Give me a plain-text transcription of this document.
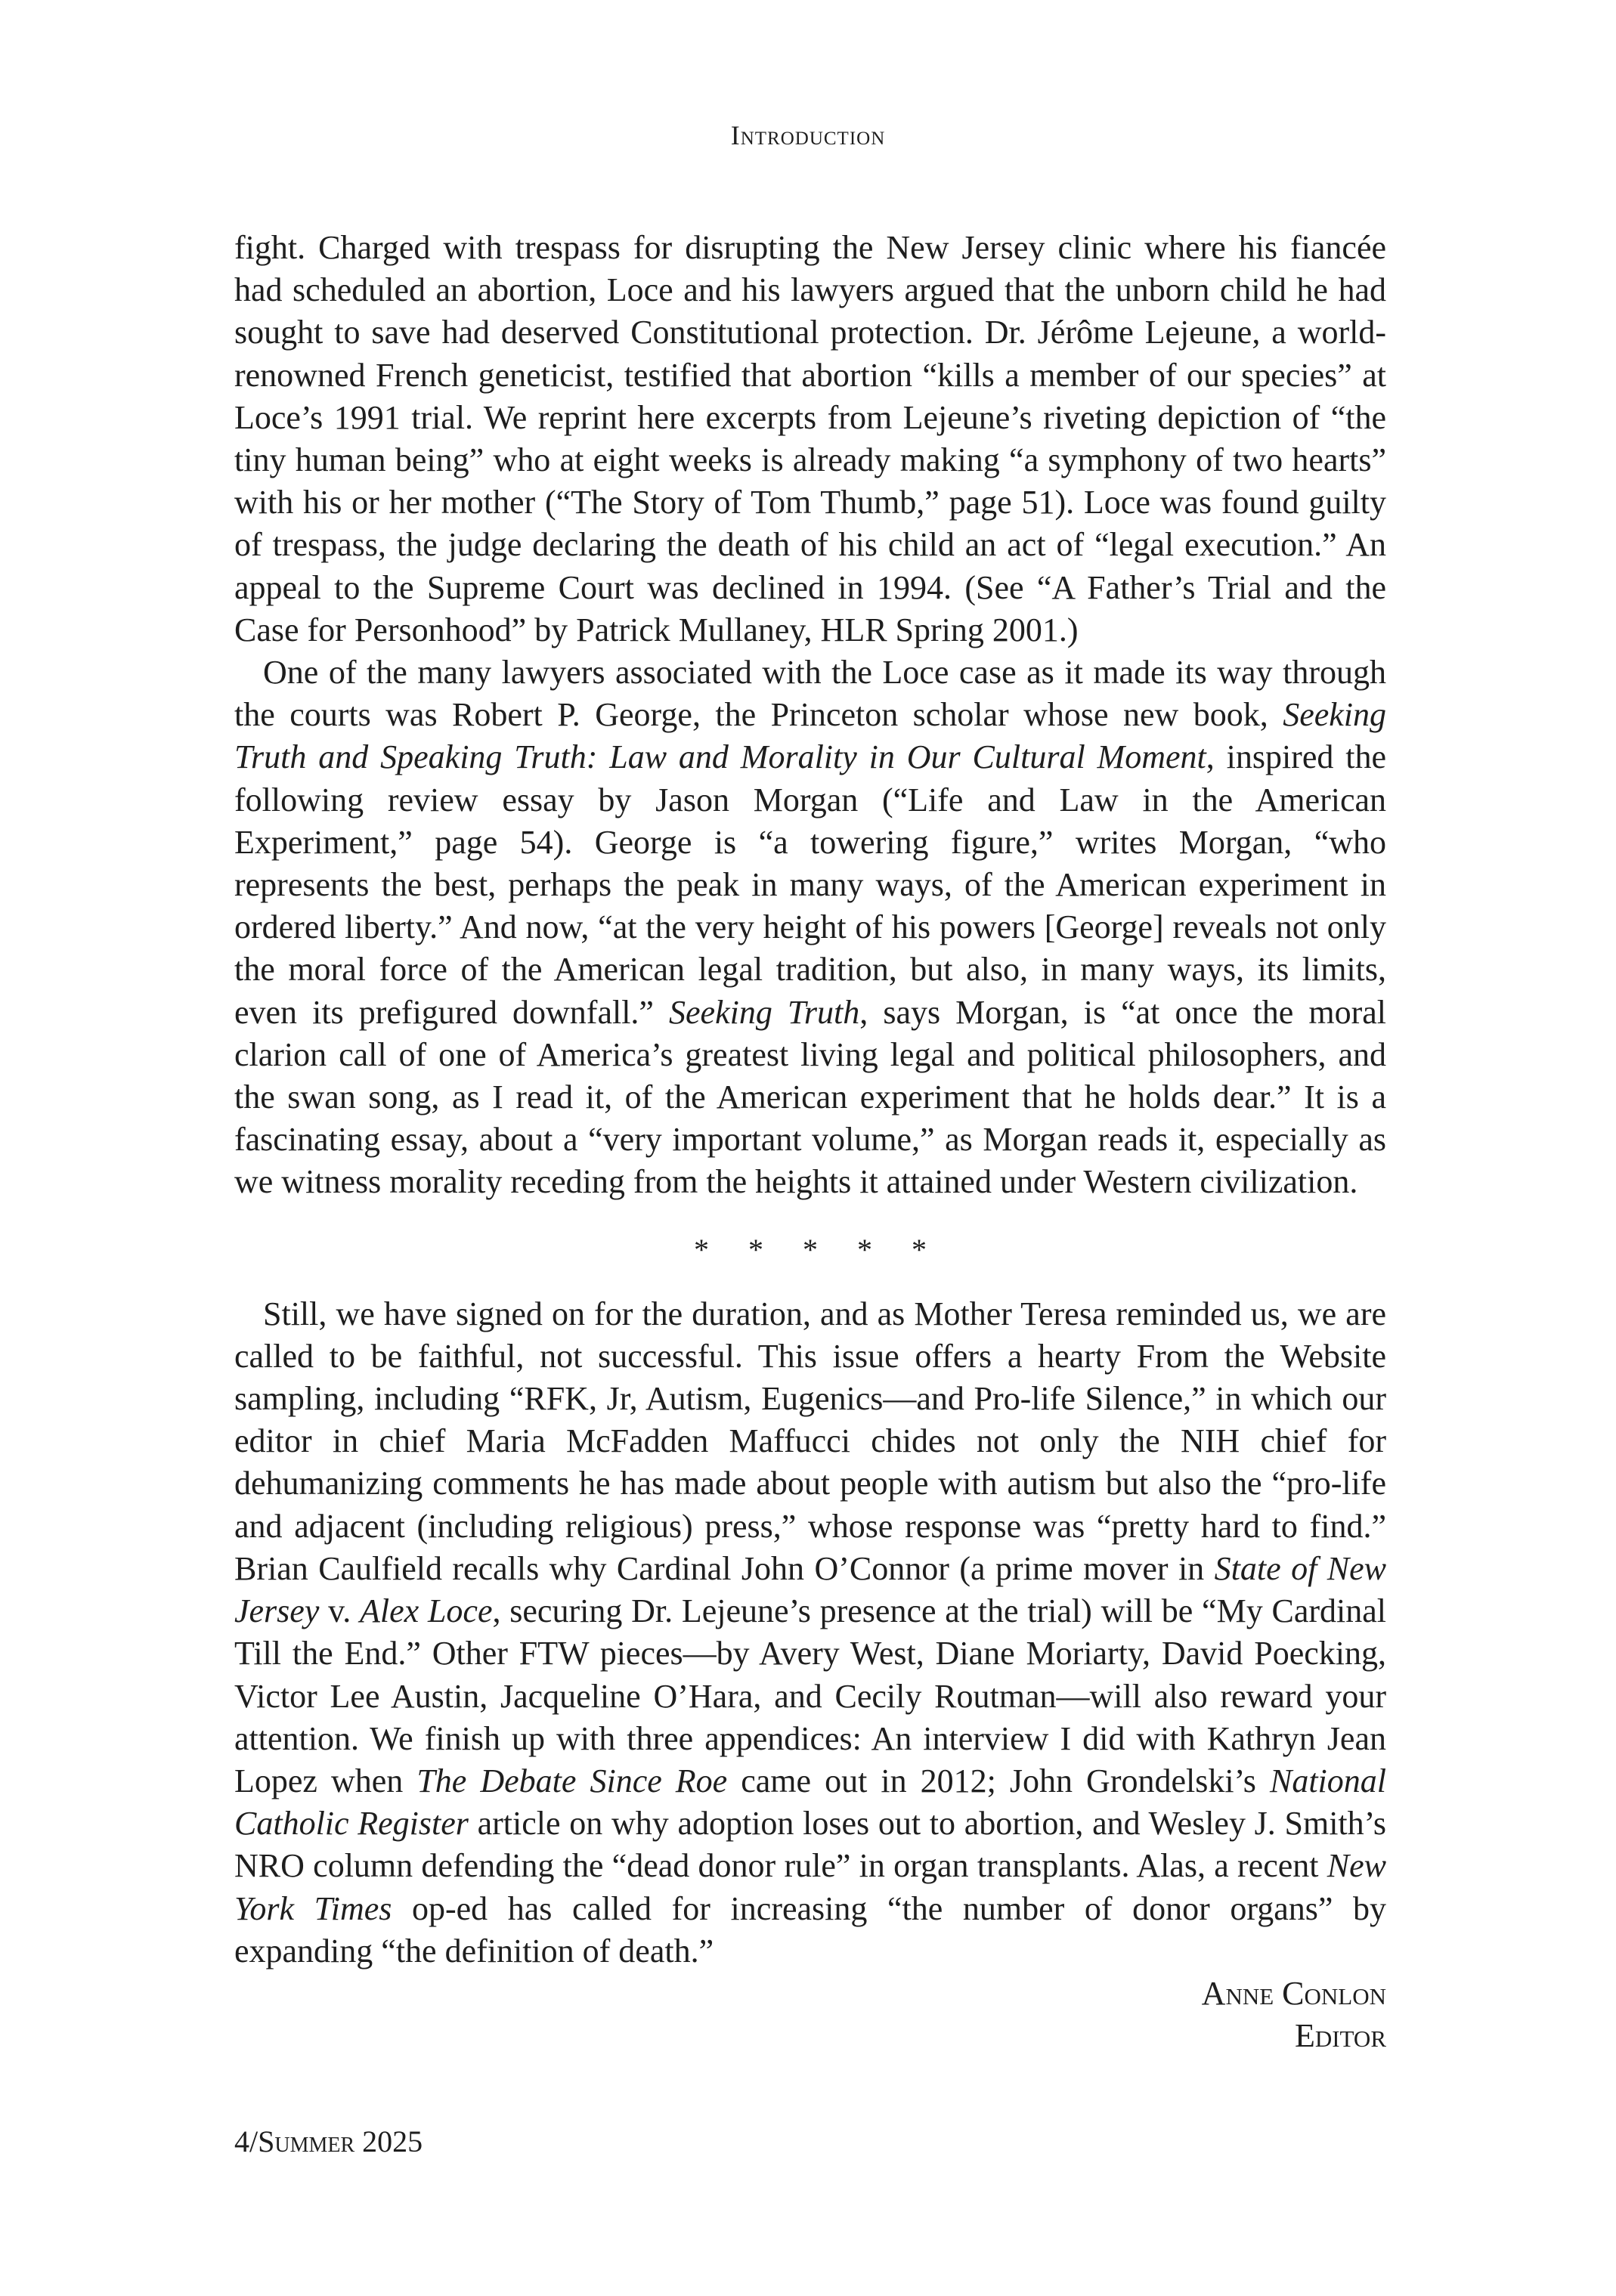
Introduction

fight. Charged with trespass for disrupting the New Jersey clinic where his fiancée had scheduled an abortion, Loce and his lawyers argued that the unborn child he had sought to save had deserved Constitutional protection. Dr. Jérôme Lejeune, a world-renowned French geneticist, testified that abortion “kills a member of our species” at Loce’s 1991 trial. We reprint here excerpts from Lejeune’s riveting depiction of “the tiny human being” who at eight weeks is already making “a symphony of two hearts” with his or her mother (“The Story of Tom Thumb,” page 51). Loce was found guilty of trespass, the judge declaring the death of his child an act of “legal execution.” An appeal to the Supreme Court was declined in 1994. (See “A Father’s Trial and the Case for Personhood” by Patrick Mullaney, HLR Spring 2001.)

One of the many lawyers associated with the Loce case as it made its way through the courts was Robert P. George, the Princeton scholar whose new book, Seeking Truth and Speaking Truth: Law and Morality in Our Cultural Moment, inspired the following review essay by Jason Morgan (“Life and Law in the American Experiment,” page 54). George is “a towering figure,” writes Morgan, “who represents the best, perhaps the peak in many ways, of the American experiment in ordered liberty.” And now, “at the very height of his powers [George] reveals not only the moral force of the American legal tradition, but also, in many ways, its limits, even its prefigured downfall.” Seeking Truth, says Morgan, is “at once the moral clarion call of one of America’s greatest living legal and political philosophers, and the swan song, as I read it, of the American experiment that he holds dear.” It is a fascinating essay, about a “very important volume,” as Morgan reads it, especially as we witness morality receding from the heights it attained under Western civilization.

* * * * *

Still, we have signed on for the duration, and as Mother Teresa reminded us, we are called to be faithful, not successful. This issue offers a hearty From the Website sampling, including “RFK, Jr, Autism, Eugenics—and Pro-life Silence,” in which our editor in chief Maria McFadden Maffucci chides not only the NIH chief for dehumanizing comments he has made about people with autism but also the “pro-life and adjacent (including religious) press,” whose response was “pretty hard to find.” Brian Caulfield recalls why Cardinal John O’Connor (a prime mover in State of New Jersey v. Alex Loce, securing Dr. Lejeune’s presence at the trial) will be “My Cardinal Till the End.” Other FTW pieces—by Avery West, Diane Moriarty, David Poecking, Victor Lee Austin, Jacqueline O’Hara, and Cecily Routman—will also reward your attention. We finish up with three appendices: An interview I did with Kathryn Jean Lopez when The Debate Since Roe came out in 2012; John Grondelski’s National Catholic Register article on why adoption loses out to abortion, and Wesley J. Smith’s NRO column defending the “dead donor rule” in organ transplants. Alas, a recent New York Times op-ed has called for increasing “the number of donor organs” by expanding “the definition of death.”

Anne Conlon
Editor
4/Summer 2025
